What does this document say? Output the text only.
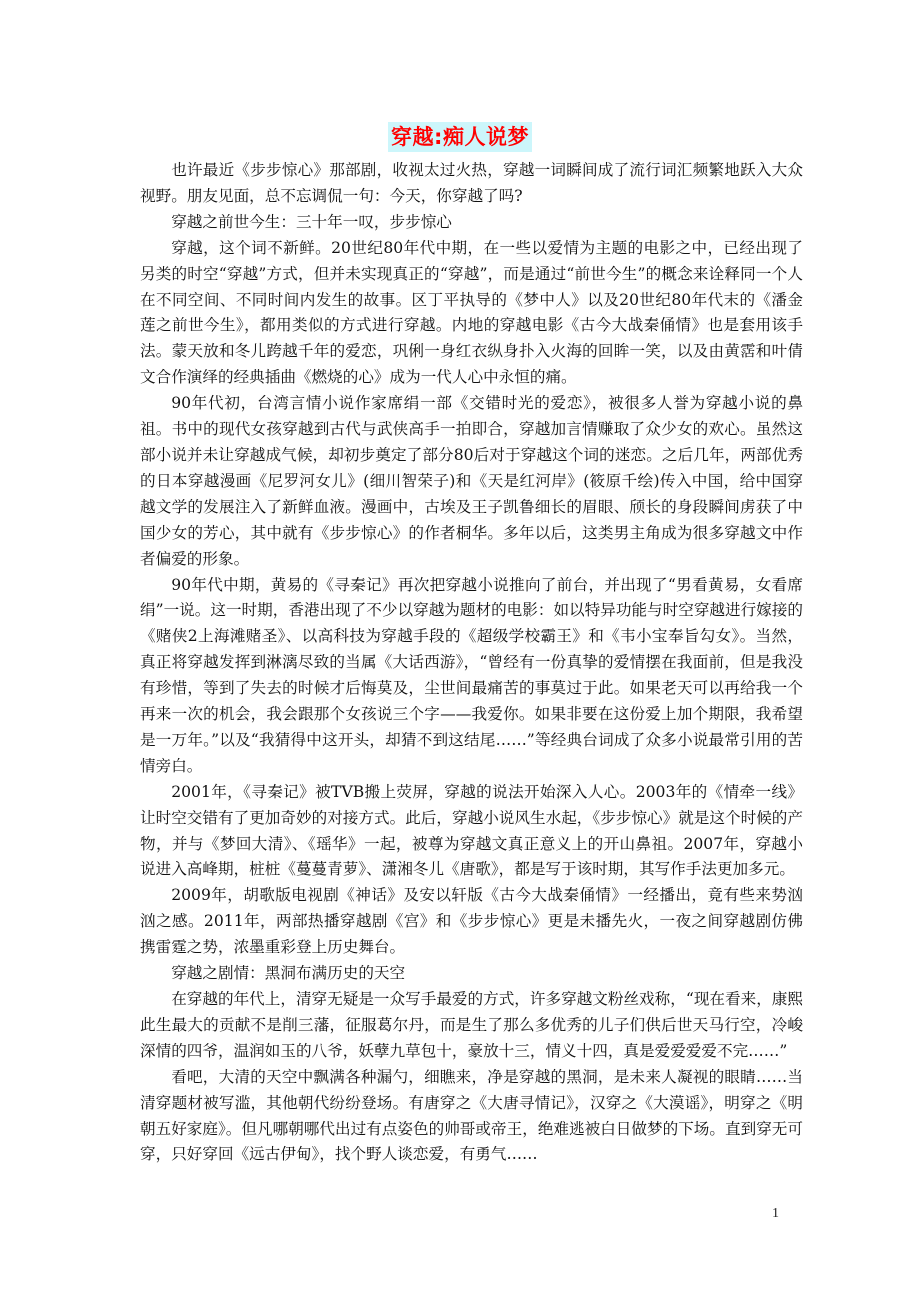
穿越:痴人说梦

也许最近《步步惊心》那部剧，收视太过火热，穿越一词瞬间成了流行词汇频繁地跃入大众视野。朋友见面，总不忘调侃一句：今天，你穿越了吗?

穿越之前世今生：三十年一叹，步步惊心

穿越，这个词不新鲜。20世纪80年代中期，在一些以爱情为主题的电影之中，已经出现了另类的时空“穿越”方式，但并未实现真正的“穿越”，而是通过“前世今生”的概念来诠释同一个人在不同空间、不同时间内发生的故事。区丁平执导的《梦中人》以及20世纪80年代末的《潘金莲之前世今生》，都用类似的方式进行穿越。内地的穿越电影《古今大战秦俑情》也是套用该手法。蒙天放和冬儿跨越千年的爱恋，巩俐一身红衣纵身扑入火海的回眸一笑，以及由黄霑和叶倩文合作演绎的经典插曲《燃烧的心》成为一代人心中永恒的痛。

90年代初，台湾言情小说作家席绢一部《交错时光的爱恋》，被很多人誉为穿越小说的鼻祖。书中的现代女孩穿越到古代与武侠高手一拍即合，穿越加言情赚取了众少女的欢心。虽然这部小说并未让穿越成气候，却初步奠定了部分80后对于穿越这个词的迷恋。之后几年，两部优秀的日本穿越漫画《尼罗河女儿》(细川智荣子)和《天是红河岸》(筱原千绘)传入中国，给中国穿越文学的发展注入了新鲜血液。漫画中，古埃及王子凯鲁细长的眉眼、颀长的身段瞬间虏获了中国少女的芳心，其中就有《步步惊心》的作者桐华。多年以后，这类男主角成为很多穿越文中作者偏爱的形象。

90年代中期，黄易的《寻秦记》再次把穿越小说推向了前台，并出现了“男看黄易，女看席绢”一说。这一时期，香港出现了不少以穿越为题材的电影：如以特异功能与时空穿越进行嫁接的《赌侠2上海滩赌圣》、以高科技为穿越手段的《超级学校霸王》和《韦小宝奉旨勾女》。当然，真正将穿越发挥到淋漓尽致的当属《大话西游》，“曾经有一份真挚的爱情摆在我面前，但是我没有珍惜，等到了失去的时候才后悔莫及，尘世间最痛苦的事莫过于此。如果老天可以再给我一个再来一次的机会，我会跟那个女孩说三个字——我爱你。如果非要在这份爱上加个期限，我希望是一万年。”以及“我猜得中这开头，却猜不到这结尾……”等经典台词成了众多小说最常引用的苦情旁白。

2001年，《寻秦记》被TVB搬上荧屏，穿越的说法开始深入人心。2003年的《情牵一线》让时空交错有了更加奇妙的对接方式。此后，穿越小说风生水起，《步步惊心》就是这个时候的产物，并与《梦回大清》、《瑶华》一起，被尊为穿越文真正意义上的开山鼻祖。2007年，穿越小说进入高峰期，桩桩《蔓蔓青萝》、潇湘冬儿《唐歌》，都是写于该时期，其写作手法更加多元。

2009年，胡歌版电视剧《神话》及安以轩版《古今大战秦俑情》一经播出，竟有些来势汹汹之感。2011年，两部热播穿越剧《宫》和《步步惊心》更是未播先火，一夜之间穿越剧仿佛携雷霆之势，浓墨重彩登上历史舞台。

穿越之剧情：黑洞布满历史的天空

在穿越的年代上，清穿无疑是一众写手最爱的方式，许多穿越文粉丝戏称，“现在看来，康熙此生最大的贡献不是削三藩，征服葛尔丹，而是生了那么多优秀的儿子们供后世天马行空，冷峻深情的四爷，温润如玉的八爷，妖孽九草包十，豪放十三，情义十四，真是爱爱爱爱不完……”

看吧，大清的天空中飘满各种漏勺，细瞧来，净是穿越的黑洞，是未来人凝视的眼睛……当清穿题材被写滥，其他朝代纷纷登场。有唐穿之《大唐寻情记》，汉穿之《大漠谣》，明穿之《明朝五好家庭》。但凡哪朝哪代出过有点姿色的帅哥或帝王，绝难逃被白日做梦的下场。直到穿无可穿，只好穿回《远古伊甸》，找个野人谈恋爱，有勇气……

1
